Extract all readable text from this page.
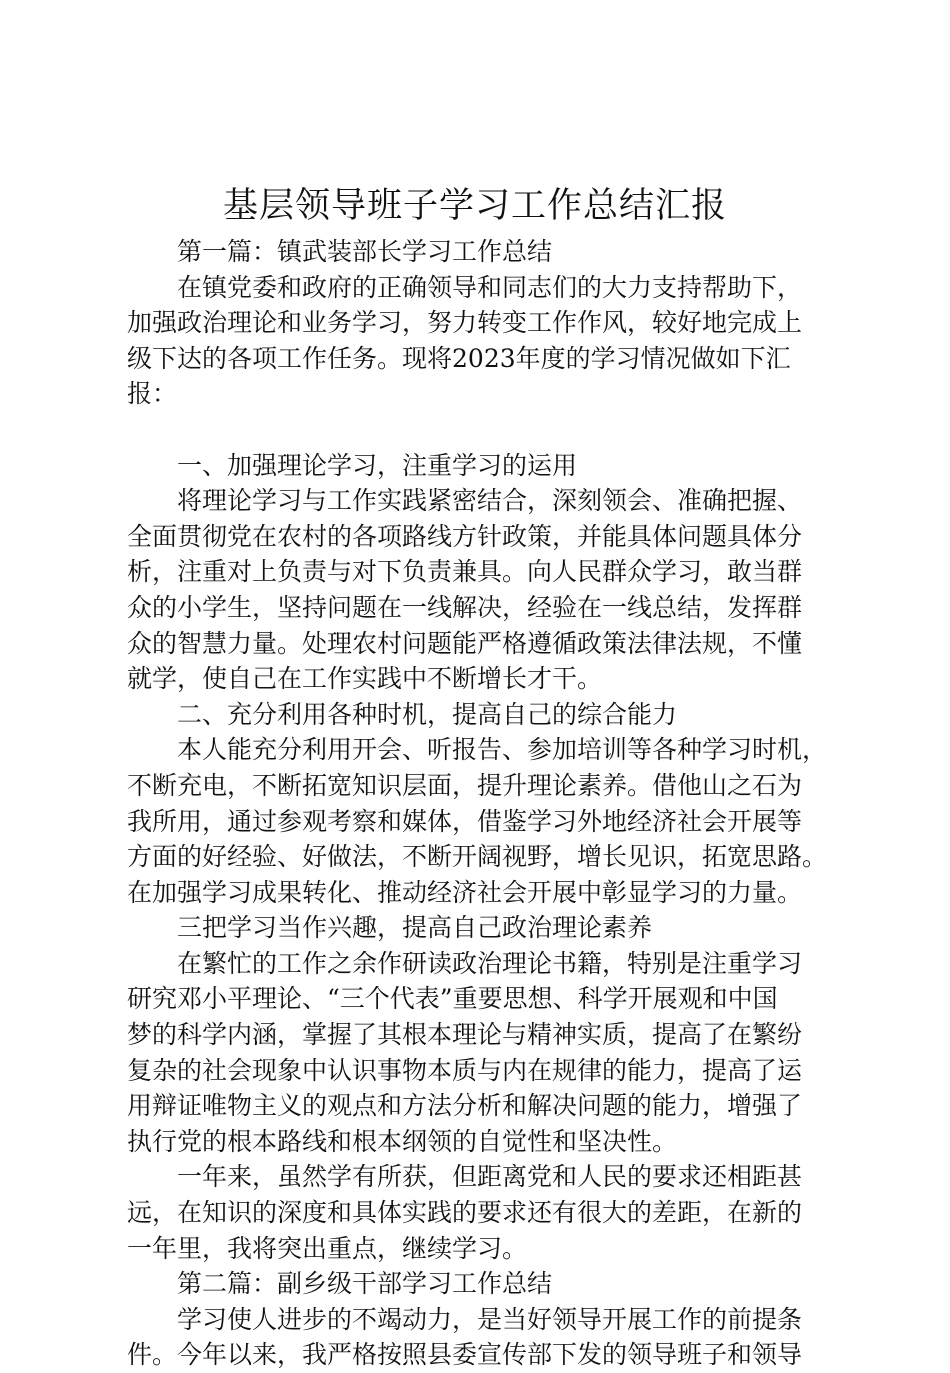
基层领导班子学习工作总结汇报

第一篇：镇武装部长学习工作总结

在镇党委和政府的正确领导和同志们的大力支持帮助下，

加强政治理论和业务学习，努力转变工作作风，较好地完成上

级下达的各项工作任务。现将2023年度的学习情况做如下汇报：

一、加强理论学习，注重学习的运用

将理论学习与工作实践紧密结合，深刻领会、准确把握、

全面贯彻党在农村的各项路线方针政策，并能具体问题具体分

析，注重对上负责与对下负责兼具。向人民群众学习，敢当群

众的小学生，坚持问题在一线解决，经验在一线总结，发挥群

众的智慧力量。处理农村问题能严格遵循政策法律法规，不懂

就学，使自己在工作实践中不断增长才干。

二、充分利用各种时机，提高自己的综合能力

本人能充分利用开会、听报告、参加培训等各种学习时机，

不断充电，不断拓宽知识层面，提升理论素养。借他山之石为

我所用，通过参观考察和媒体，借鉴学习外地经济社会开展等

方面的好经验、好做法，不断开阔视野，增长见识，拓宽思路。

在加强学习成果转化、推动经济社会开展中彰显学习的力量。

三把学习当作兴趣，提高自己政治理论素养

在繁忙的工作之余作研读政治理论书籍，特别是注重学习

研究邓小平理论、“三个代表”重要思想、科学开展观和中国

梦的科学内涵，掌握了其根本理论与精神实质，提高了在繁纷

复杂的社会现象中认识事物本质与内在规律的能力，提高了运

用辩证唯物主义的观点和方法分析和解决问题的能力，增强了

执行党的根本路线和根本纲领的自觉性和坚决性。

一年来，虽然学有所获，但距离党和人民的要求还相距甚

远，在知识的深度和具体实践的要求还有很大的差距，在新的

一年里，我将突出重点，继续学习。

第二篇：副乡级干部学习工作总结

学习使人进步的不竭动力，是当好领导开展工作的前提条

件。今年以来，我严格按照县委宣传部下发的领导班子和领导
